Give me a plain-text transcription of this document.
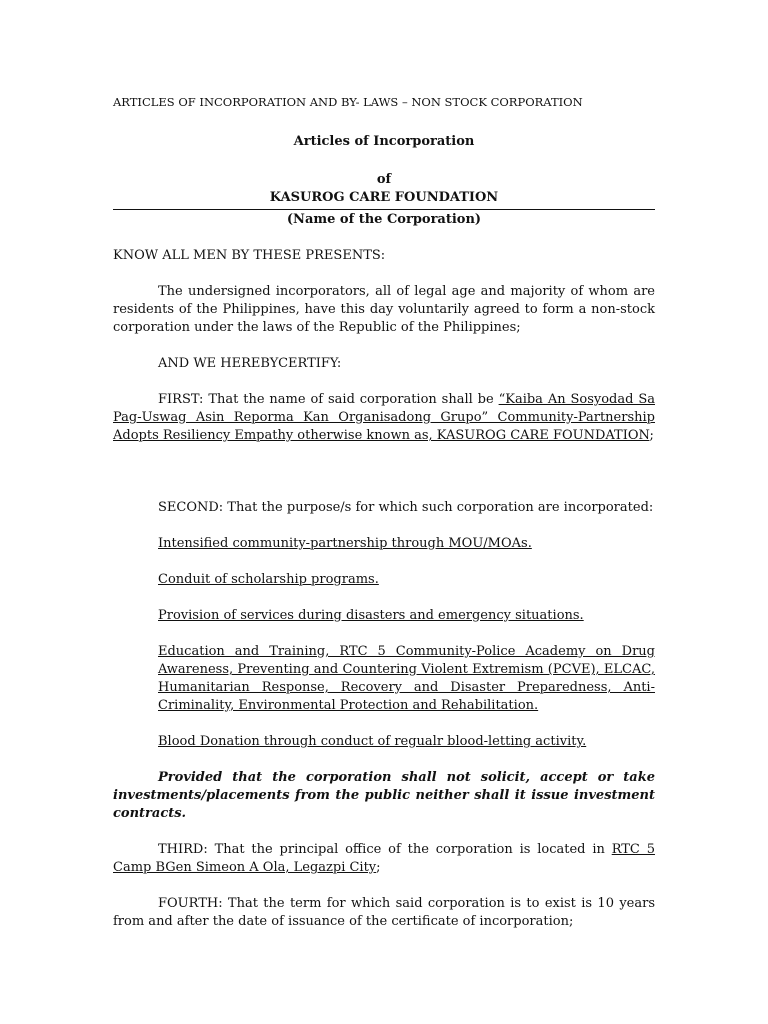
ARTICLES OF INCORPORATION AND BY- LAWS – NON STOCK CORPORATION

Articles of Incorporation

of

KASUROG CARE FOUNDATION

(Name of the Corporation)

KNOW ALL MEN BY THESE PRESENTS:

The undersigned incorporators, all of legal age and majority of whom are residents of the Philippines, have this day voluntarily agreed to form a non-stock corporation under the laws of the Republic of the Philippines;

AND WE HEREBYCERTIFY:

FIRST: That the name of said corporation shall be “Kaiba An Sosyodad Sa Pag-Uswag Asin Reporma Kan Organisadong Grupo” Community-Partnership Adopts Resiliency Empathy otherwise known as, KASUROG CARE FOUNDATION;

SECOND: That the purpose/s for which such corporation are incorporated:

Intensified community-partnership through MOU/MOAs.

Conduit of scholarship programs.

Provision of services during disasters and emergency situations.

Education and Training, RTC 5 Community-Police Academy on Drug Awareness, Preventing and Countering Violent Extremism (PCVE), ELCAC, Humanitarian Response, Recovery and Disaster Preparedness, Anti-Criminality, Environmental Protection and Rehabilitation.

Blood Donation through conduct of regualr blood-letting activity.

Provided that the corporation shall not solicit, accept or take investments/placements from the public neither shall it issue investment contracts.

THIRD: That the principal office of the corporation is located in RTC 5 Camp BGen Simeon A Ola, Legazpi City;

FOURTH: That the term for which said corporation is to exist is 10 years from and after the date of issuance of the certificate of incorporation;
